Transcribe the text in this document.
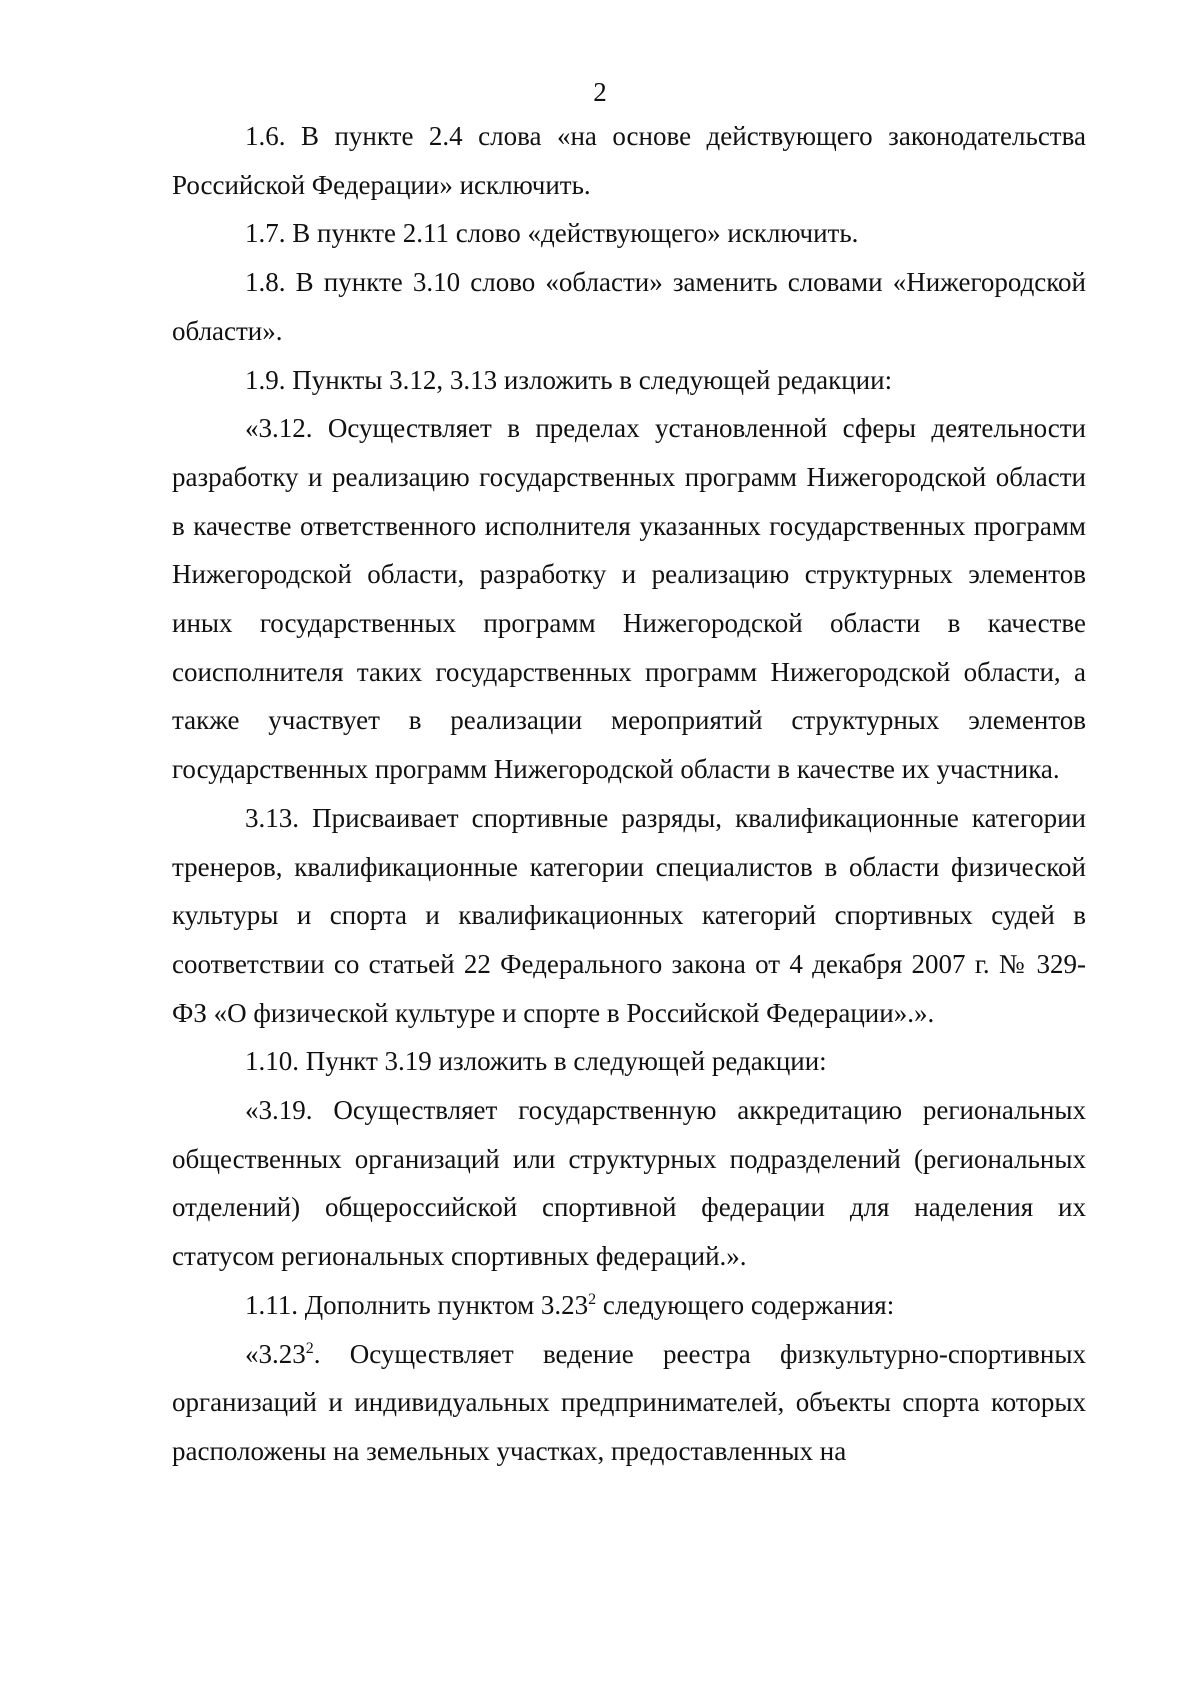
2

1.6. В пункте 2.4 слова «на основе действующего законодательства Российской Федерации» исключить.

1.7. В пункте 2.11 слово «действующего» исключить.

1.8. В пункте 3.10 слово «области» заменить словами «Нижегородской области».

1.9. Пункты 3.12, 3.13 изложить в следующей редакции:

«3.12. Осуществляет в пределах установленной сферы деятельности разработку и реализацию государственных программ Нижегородской области в качестве ответственного исполнителя указанных государственных программ Нижегородской области, разработку и реализацию структурных элементов иных государственных программ Нижегородской области в качестве соисполнителя таких государственных программ Нижегородской области, а также участвует в реализации мероприятий структурных элементов государственных программ Нижегородской области в качестве их участника.

3.13. Присваивает спортивные разряды, квалификационные категории тренеров, квалификационные категории специалистов в области физической культуры и спорта и квалификационных категорий спортивных судей в соответствии со статьей 22 Федерального закона от 4 декабря 2007 г. № 329-ФЗ «О физической культуре и спорте в Российской Федерации».».

1.10. Пункт 3.19 изложить в следующей редакции:

«3.19. Осуществляет государственную аккредитацию региональных общественных организаций или структурных подразделений (региональных отделений) общероссийской спортивной федерации для наделения их статусом региональных спортивных федераций.».

1.11. Дополнить пунктом 3.23$^2$ следующего содержания:

«3.23$^2$. Осуществляет ведение реестра физкультурно-спортивных организаций и индивидуальных предпринимателей, объекты спорта которых расположены на земельных участках, предоставленных на
